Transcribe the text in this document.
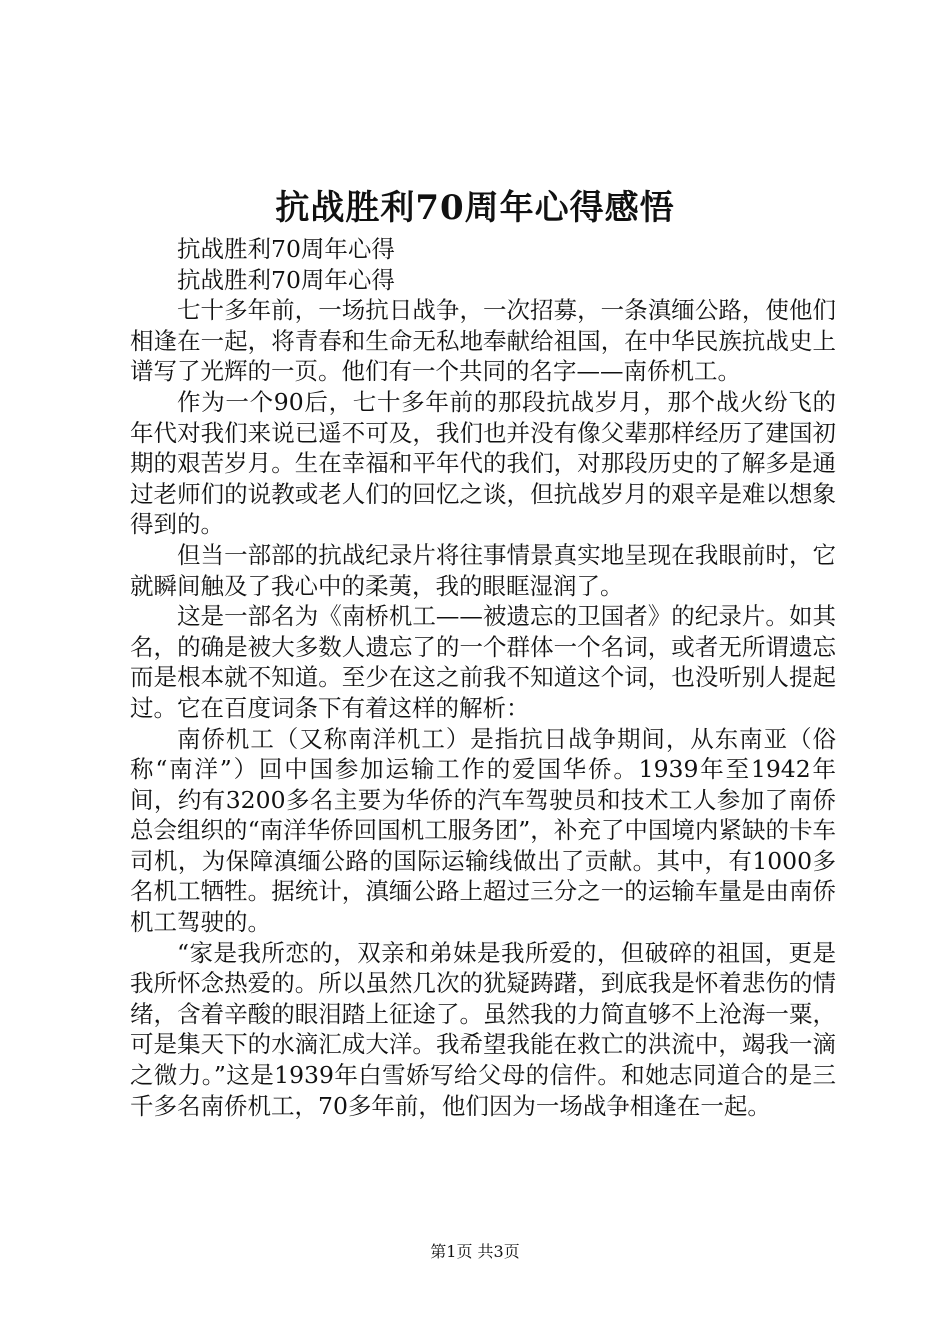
抗战胜利70周年心得感悟

抗战胜利70周年心得

抗战胜利70周年心得

七十多年前，一场抗日战争，一次招募，一条滇缅公路，使他们相逢在一起，将青春和生命无私地奉献给祖国，在中华民族抗战史上谱写了光辉的一页。他们有一个共同的名字——南侨机工。

作为一个90后，七十多年前的那段抗战岁月，那个战火纷飞的年代对我们来说已遥不可及，我们也并没有像父辈那样经历了建国初期的艰苦岁月。生在幸福和平年代的我们，对那段历史的了解多是通过老师们的说教或老人们的回忆之谈，但抗战岁月的艰辛是难以想象得到的。

但当一部部的抗战纪录片将往事情景真实地呈现在我眼前时，它就瞬间触及了我心中的柔荑，我的眼眶湿润了。

这是一部名为《南桥机工——被遗忘的卫国者》的纪录片。如其名，的确是被大多数人遗忘了的一个群体一个名词，或者无所谓遗忘而是根本就不知道。至少在这之前我不知道这个词，也没听别人提起过。它在百度词条下有着这样的解析：

南侨机工（又称南洋机工）是指抗日战争期间，从东南亚（俗称“南洋”）回中国参加运输工作的爱国华侨。1939年至1942年间，约有3200多名主要为华侨的汽车驾驶员和技术工人参加了南侨总会组织的“南洋华侨回国机工服务团”，补充了中国境内紧缺的卡车司机，为保障滇缅公路的国际运输线做出了贡献。其中，有1000多名机工牺牲。据统计，滇缅公路上超过三分之一的运输车量是由南侨机工驾驶的。

“家是我所恋的，双亲和弟妹是我所爱的，但破碎的祖国，更是我所怀念热爱的。所以虽然几次的犹疑踌躇，到底我是怀着悲伤的情绪，含着辛酸的眼泪踏上征途了。虽然我的力简直够不上沧海一粟，可是集天下的水滴汇成大洋。我希望我能在救亡的洪流中，竭我一滴之微力。”这是1939年白雪娇写给父母的信件。和她志同道合的是三千多名南侨机工，70多年前，他们因为一场战争相逢在一起。

第1页 共3页
